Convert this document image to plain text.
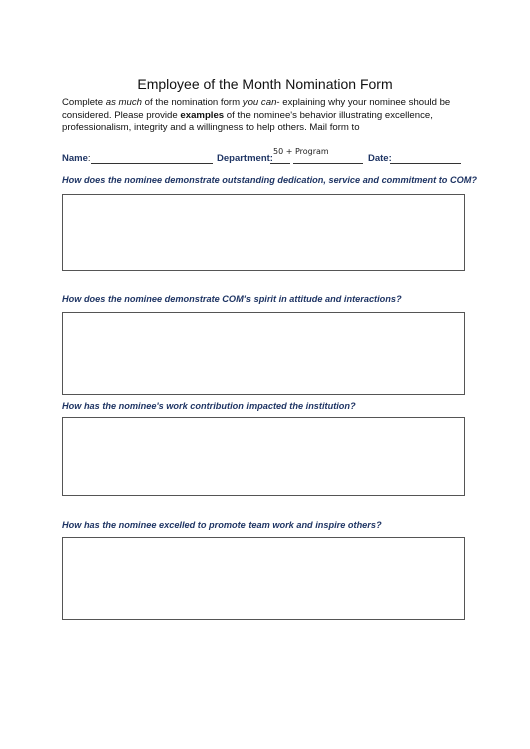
Employee of the Month Nomination Form

Complete as much of the nomination form you can- explaining why your nominee should be considered. Please provide examples of the nominee's behavior illustrating excellence, professionalism, integrity and a willingness to help others. Mail form to

Name:	Department:
50 + Program
Date:

How does the nominee demonstrate outstanding dedication, service and commitment to COM?

How does the nominee demonstrate COM's spirit in attitude and interactions?

How has the nominee's work contribution impacted the institution?

How has the nominee excelled to promote team work and inspire others?
